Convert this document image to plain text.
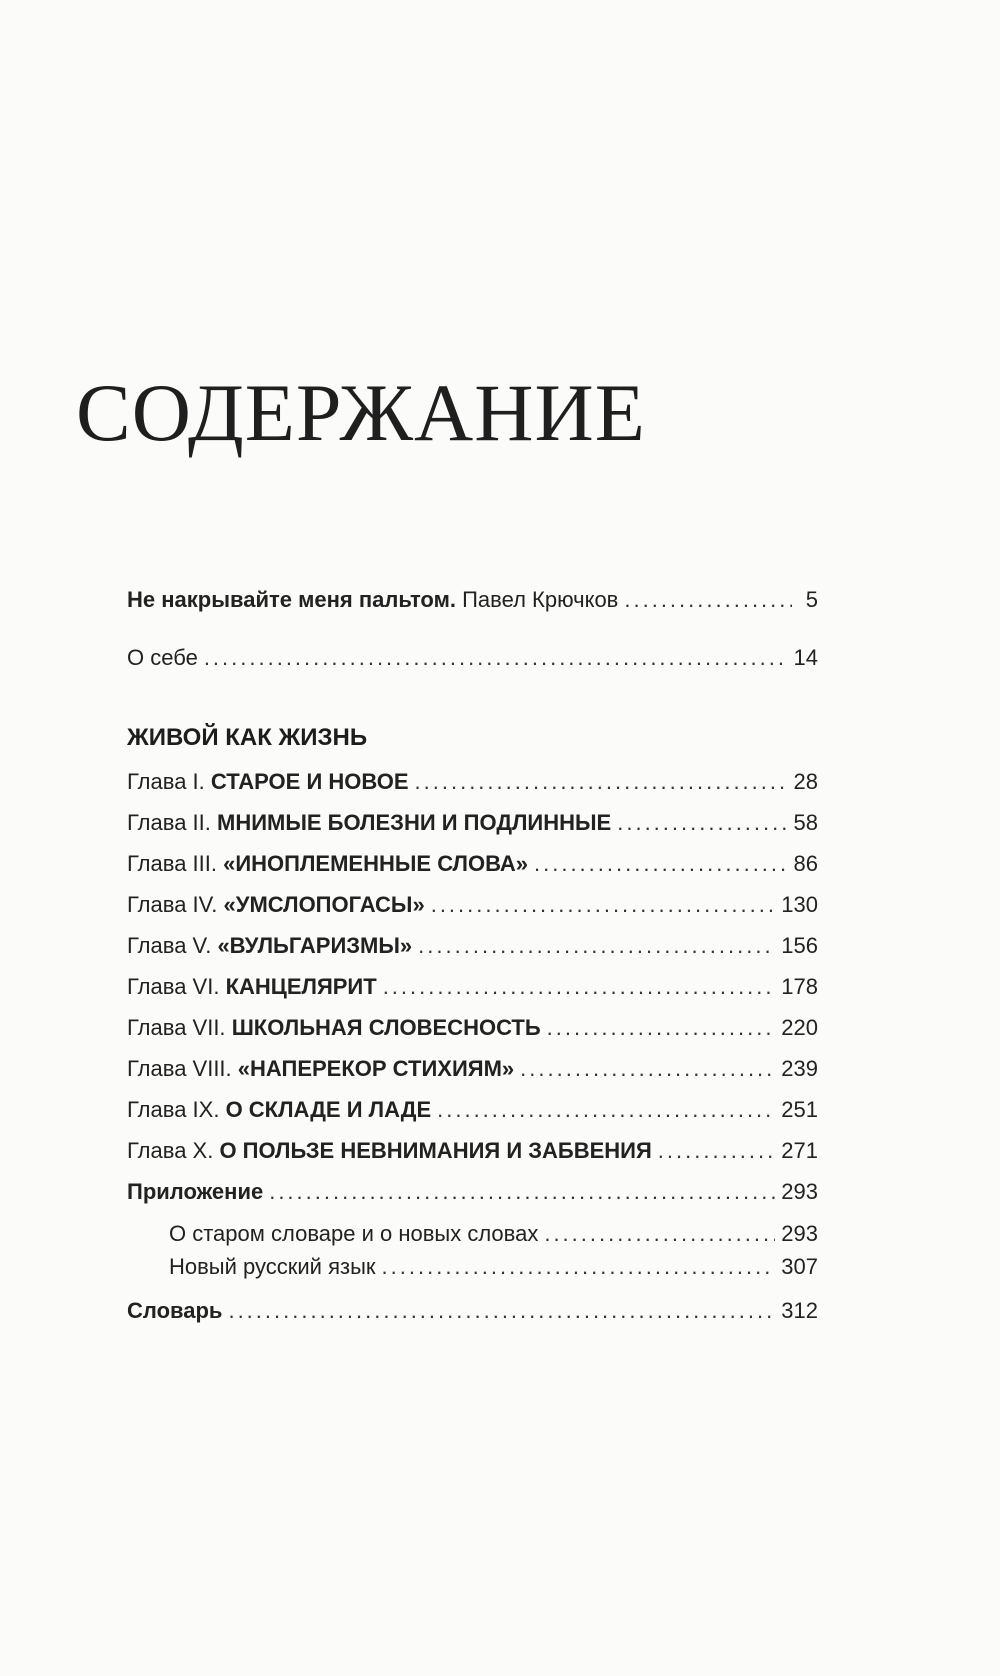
СОДЕРЖАНИЕ
Не накрывайте меня пальтом. Павел Крючков .....	5
О себе .....	14
ЖИВОЙ КАК ЖИЗНЬ
Глава I. СТАРОЕ И НОВОЕ .....	28
Глава II. МНИМЫЕ БОЛЕЗНИ И ПОДЛИННЫЕ .....	58
Глава III. «ИНОПЛЕМЕННЫЕ СЛОВА» .....	86
Глава IV. «УМСЛОПОГАСЫ» .....	130
Глава V. «ВУЛЬГАРИЗМЫ» .....	156
Глава VI. КАНЦЕЛЯРИТ .....	178
Глава VII. ШКОЛЬНАЯ СЛОВЕСНОСТЬ .....	220
Глава VIII. «НАПЕРЕКОР СТИХИЯМ» .....	239
Глава IX. О СКЛАДЕ И ЛАДЕ .....	251
Глава X. О ПОЛЬЗЕ НЕВНИМАНИЯ И ЗАБВЕНИЯ .....	271
Приложение .....	293
О старом словаре и о новых словах .....	293
Новый русский язык .....	307
Словарь .....	312
